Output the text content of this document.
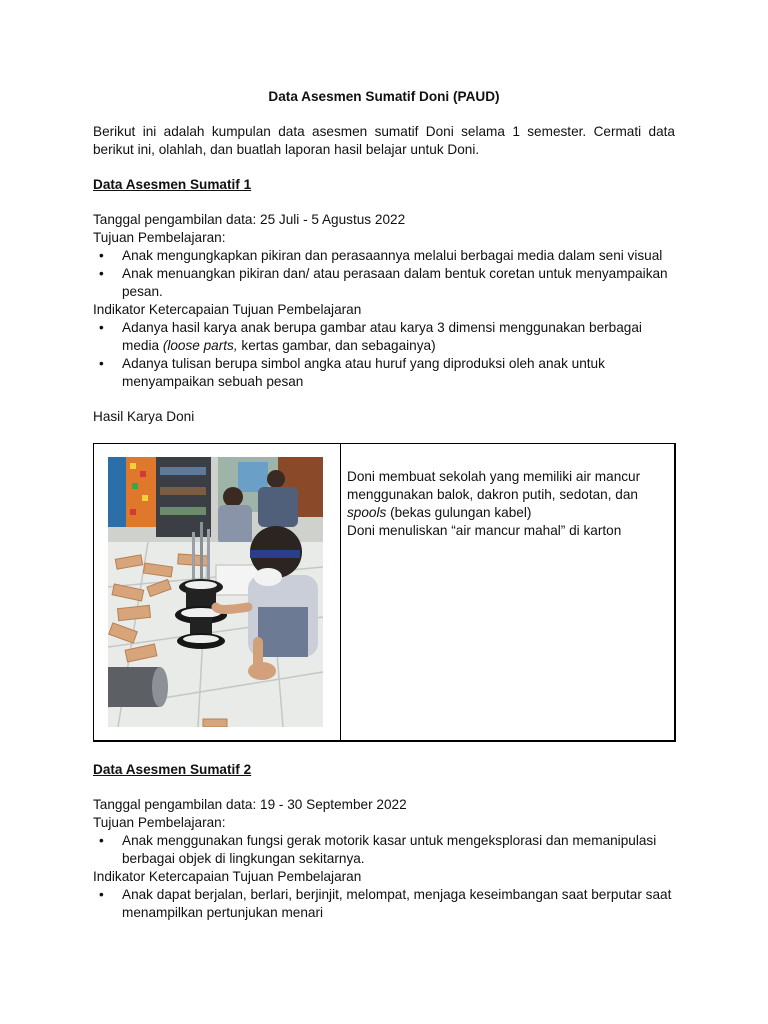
Data Asesmen Sumatif Doni (PAUD)

Berikut ini adalah kumpulan data asesmen sumatif Doni selama 1 semester. Cermati data berikut ini, olahlah, dan buatlah laporan hasil belajar untuk Doni.

Data Asesmen Sumatif 1

Tanggal pengambilan data: 25 Juli - 5 Agustus 2022

Tujuan Pembelajaran:

• Anak mengungkapkan pikiran dan perasaannya melalui berbagai media dalam seni visual
• Anak menuangkan pikiran dan/ atau perasaan dalam bentuk coretan untuk menyampaikan pesan.

Indikator Ketercapaian Tujuan Pembelajaran

• Adanya hasil karya anak berupa gambar atau karya 3 dimensi menggunakan berbagai media (loose parts, kertas gambar, dan sebagainya)
• Adanya tulisan berupa simbol angka atau huruf yang diproduksi oleh anak untuk menyampaikan sebuah pesan

Hasil Karya Doni

Doni membuat sekolah yang memiliki air mancur menggunakan balok, dakron putih, sedotan, dan spools (bekas gulungan kabel)

Doni menuliskan “air mancur mahal” di karton

Data Asesmen Sumatif 2

Tanggal pengambilan data: 19 - 30 September 2022

Tujuan Pembelajaran:

• Anak menggunakan fungsi gerak motorik kasar untuk mengeksplorasi dan memanipulasi berbagai objek di lingkungan sekitarnya.

Indikator Ketercapaian Tujuan Pembelajaran

• Anak dapat berjalan, berlari, berjinjit, melompat, menjaga keseimbangan saat berputar saat menampilkan pertunjukan menari
